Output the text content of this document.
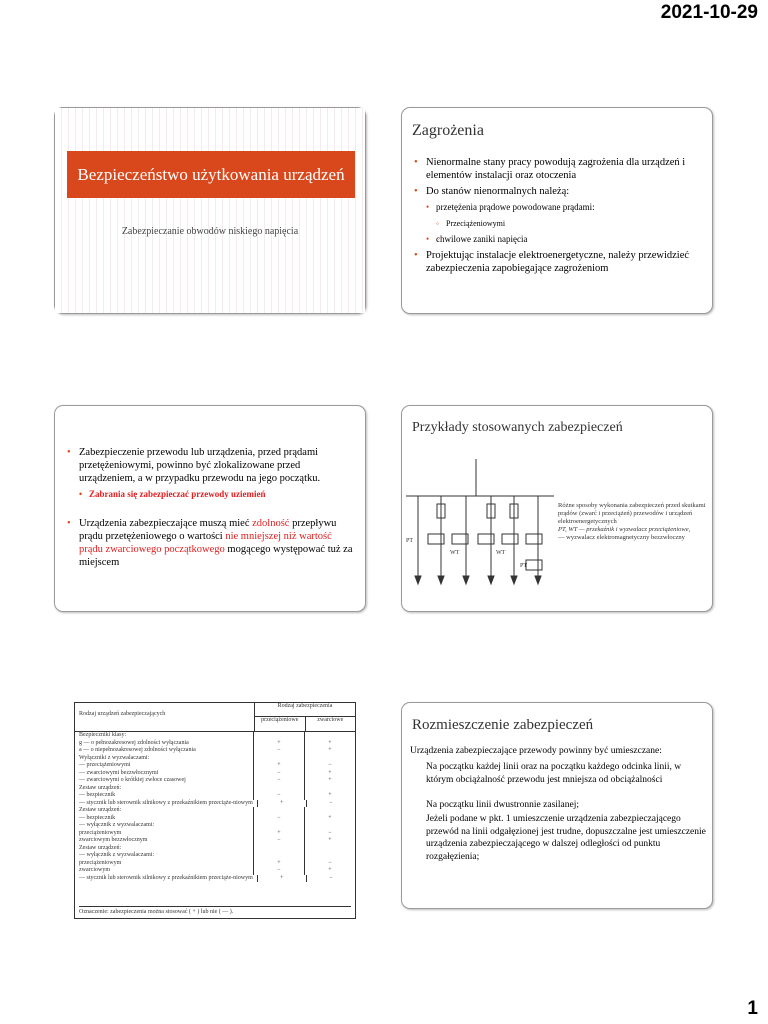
2021-10-29
Bezpieczeństwo użytkowania urządzeń
Zabezpieczanie obwodów niskiego napięcia
Zagrożenia
• Nienormalne stany pracy powodują zagrożenia dla urządzeń i elementów instalacji oraz otoczenia
• Do stanów nienormalnych należą:
• przetężenia prądowe powodowane prądami:
◦ Przeciążeniowymi
• chwilowe zaniki napięcia
• Projektując instalacje elektroenergetyczne, należy przewidzieć zabezpieczenia zapobiegające zagrożeniom
• Zabezpieczenie przewodu lub urządzenia, przed prądami przetężeniowymi, powinno być zlokalizowane przed urządzeniem, a w przypadku przewodu na jego początku.
• Zabrania się zabezpieczać przewody uziemień
• Urządzenia zabezpieczające muszą mieć zdolność przepływu prądu przetężeniowego o wartości nie mniejszej niż wartość prądu zwarciowego początkowego mogącego występować tuż za miejscem
Przykłady stosowanych zabezpieczeń
PT
WT	WT
PT
Różne sposoby wykonania zabezpieczeń przed skutkami prądów (zwarć i przeciążeń) przewodów i urządzeń elektroenergetycznych
PT, WT — przekaźnik i wyzwalacz przeciążeniowe,
— wyzwalacz elektromagnetyczny bezzwłoczny
Rodzaj urządzeń zabezpieczających
Rodzaj zabezpieczenia
przeciążeniowe	zwarciowe
Bezpieczniki klasy:
g — o pełnozakresowej zdolności wyłączania	+	+
a — o niepełnozakresowej zdolności wyłączania	−	+
Wyłączniki z wyzwalaczami:
— przeciążeniowymi	+	−
— zwarciowymi bezzwłocznymi	−	+
— zwarciowymi o krótkiej zwłoce czasowej	−	+
Zestaw urządzeń:
— bezpiecznik	−	+
— stycznik lub sterownik silnikowy z przekaźnikiem przeciąże-niowym	+	−
Zestaw urządzeń:
— bezpiecznik	−	+
— wyłącznik z wyzwalaczami:
przeciążeniowym	+	−
zwarciowym bezzwłocznym	−	+
Zestaw urządzeń:
— wyłącznik z wyzwalaczami:
przeciążeniowym	+	−
zwarciowym	−	+
— stycznik lub sterownik silnikowy z przekaźnikiem przeciąże-niowym	+	−
Oznaczenie: zabezpieczenia można stosować ( + ) lub nie ( — ).
Rozmieszczenie zabezpieczeń
Urządzenia zabezpieczające przewody powinny być umieszczane:
Na początku każdej linii oraz na początku każdego odcinka linii, w którym obciążalność przewodu jest mniejsza od obciążalności
Na początku linii dwustronnie zasilanej;
Jeżeli podane w pkt. 1 umieszczenie urządzenia zabezpieczającego przewód na linii odgałęzionej jest trudne, dopuszczalne jest umieszczenie urządzenia zabezpieczającego w dalszej odległości od punktu rozgałęzienia;
1
